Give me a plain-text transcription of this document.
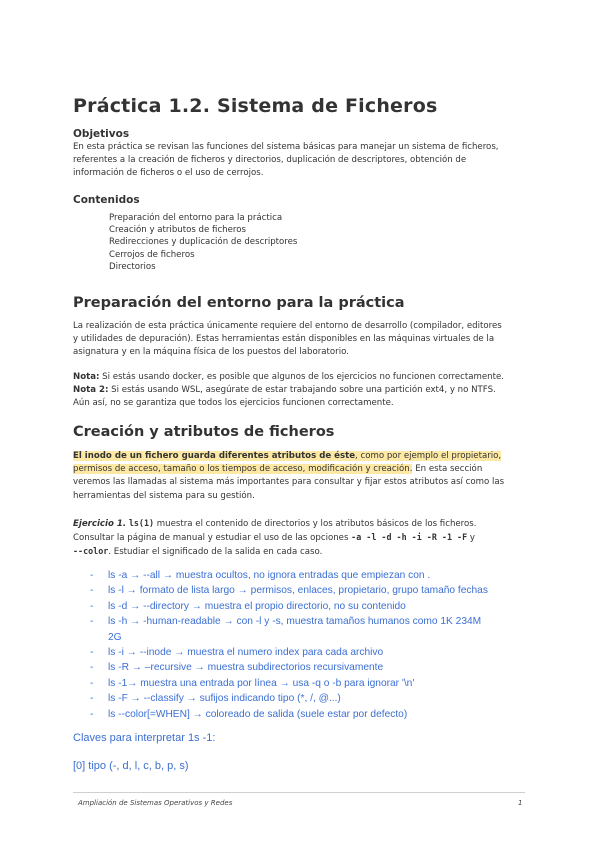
Práctica 1.2. Sistema de Ficheros
Objetivos
En esta práctica se revisan las funciones del sistema básicas para manejar un sistema de ficheros,
referentes a la creación de ficheros y directorios, duplicación de descriptores, obtención de
información de ficheros o el uso de cerrojos.
Contenidos
Preparación del entorno para la práctica
Creación y atributos de ficheros
Redirecciones y duplicación de descriptores
Cerrojos de ficheros
Directorios
Preparación del entorno para la práctica
La realización de esta práctica únicamente requiere del entorno de desarrollo (compilador, editores
y utilidades de depuración). Estas herramientas están disponibles en las máquinas virtuales de la
asignatura y en la máquina física de los puestos del laboratorio.
Nota: Si estás usando docker, es posible que algunos de los ejercicios no funcionen correctamente.
Nota 2: Si estás usando WSL, asegúrate de estar trabajando sobre una partición ext4, y no NTFS.
Aún así, no se garantiza que todos los ejercicios funcionen correctamente.
Creación y atributos de ficheros
El inodo de un fichero guarda diferentes atributos de éste, como por ejemplo el propietario,
permisos de acceso, tamaño o los tiempos de acceso, modificación y creación. En esta sección
veremos las llamadas al sistema más importantes para consultar y fijar estos atributos así como las
herramientas del sistema para su gestión.
Ejercicio 1. ls(1) muestra el contenido de directorios y los atributos básicos de los ficheros.
Consultar la página de manual y estudiar el uso de las opciones -a -l -d -h -i -R -1 -F y
--color. Estudiar el significado de la salida en cada caso.
- ls -a → --all → muestra ocultos, no ignora entradas que empiezan con .
- ls -l → formato de lista largo → permisos, enlaces, propietario, grupo tamaño fechas
- ls -d → --directory → muestra el propio directorio, no su contenido
- ls -h → -human-readable → con -l y -s, muestra tamaños humanos como 1K 234M
2G
- ls -i → --inode → muestra el numero index para cada archivo
- ls -R → –recursive → muestra subdirectorios recursivamente
- ls -1→ muestra una entrada por línea → usa -q o -b para ignorar '\n'
- ls -F → --classify → sufijos indicando tipo (*, /, @...)
- ls --color[=WHEN] → coloreado de salida (suele estar por defecto)
Claves para interpretar 1s -1:
[0] tipo (-, d, l, c, b, p, s)
Ampliación de Sistemas Operativos y Redes	1
